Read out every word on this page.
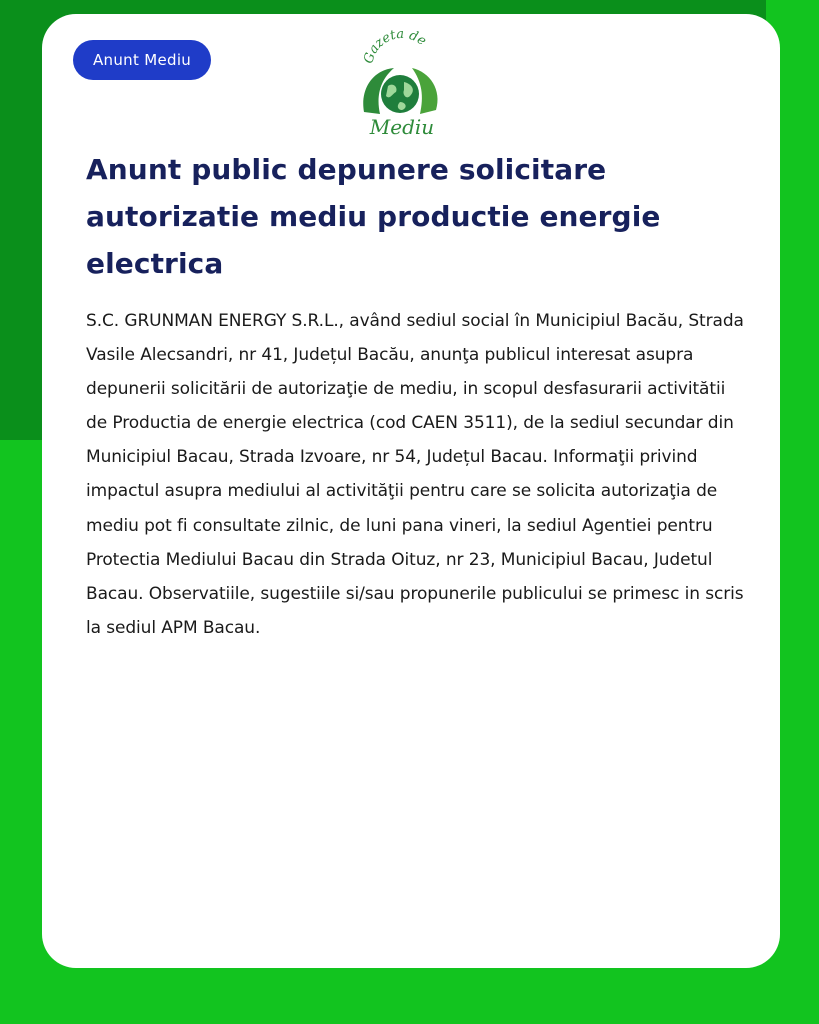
Anunt Mediu	Gazeta de
Mediu
Anunt public depunere solicitare autorizatie mediu productie energie electrica

S.C. GRUNMAN ENERGY S.R.L., având sediul social în Municipiul Bacău, Strada Vasile Alecsandri, nr 41, Județul Bacău, anunţa publicul interesat asupra depunerii solicitării de autorizaţie de mediu, in scopul desfasurarii activitătii de Productia de energie electrica (cod CAEN 3511), de la sediul secundar din Municipiul Bacau, Strada Izvoare, nr 54, Județul Bacau. Informaţii privind impactul asupra mediului al activităţii pentru care se solicita autorizaţia de mediu pot fi consultate zilnic, de luni pana vineri, la sediul Agentiei pentru Protectia Mediului Bacau din Strada Oituz, nr 23, Municipiul Bacau, Judetul Bacau. Observatiile, sugestiile si/sau propunerile publicului se primesc in scris la sediul APM Bacau.
